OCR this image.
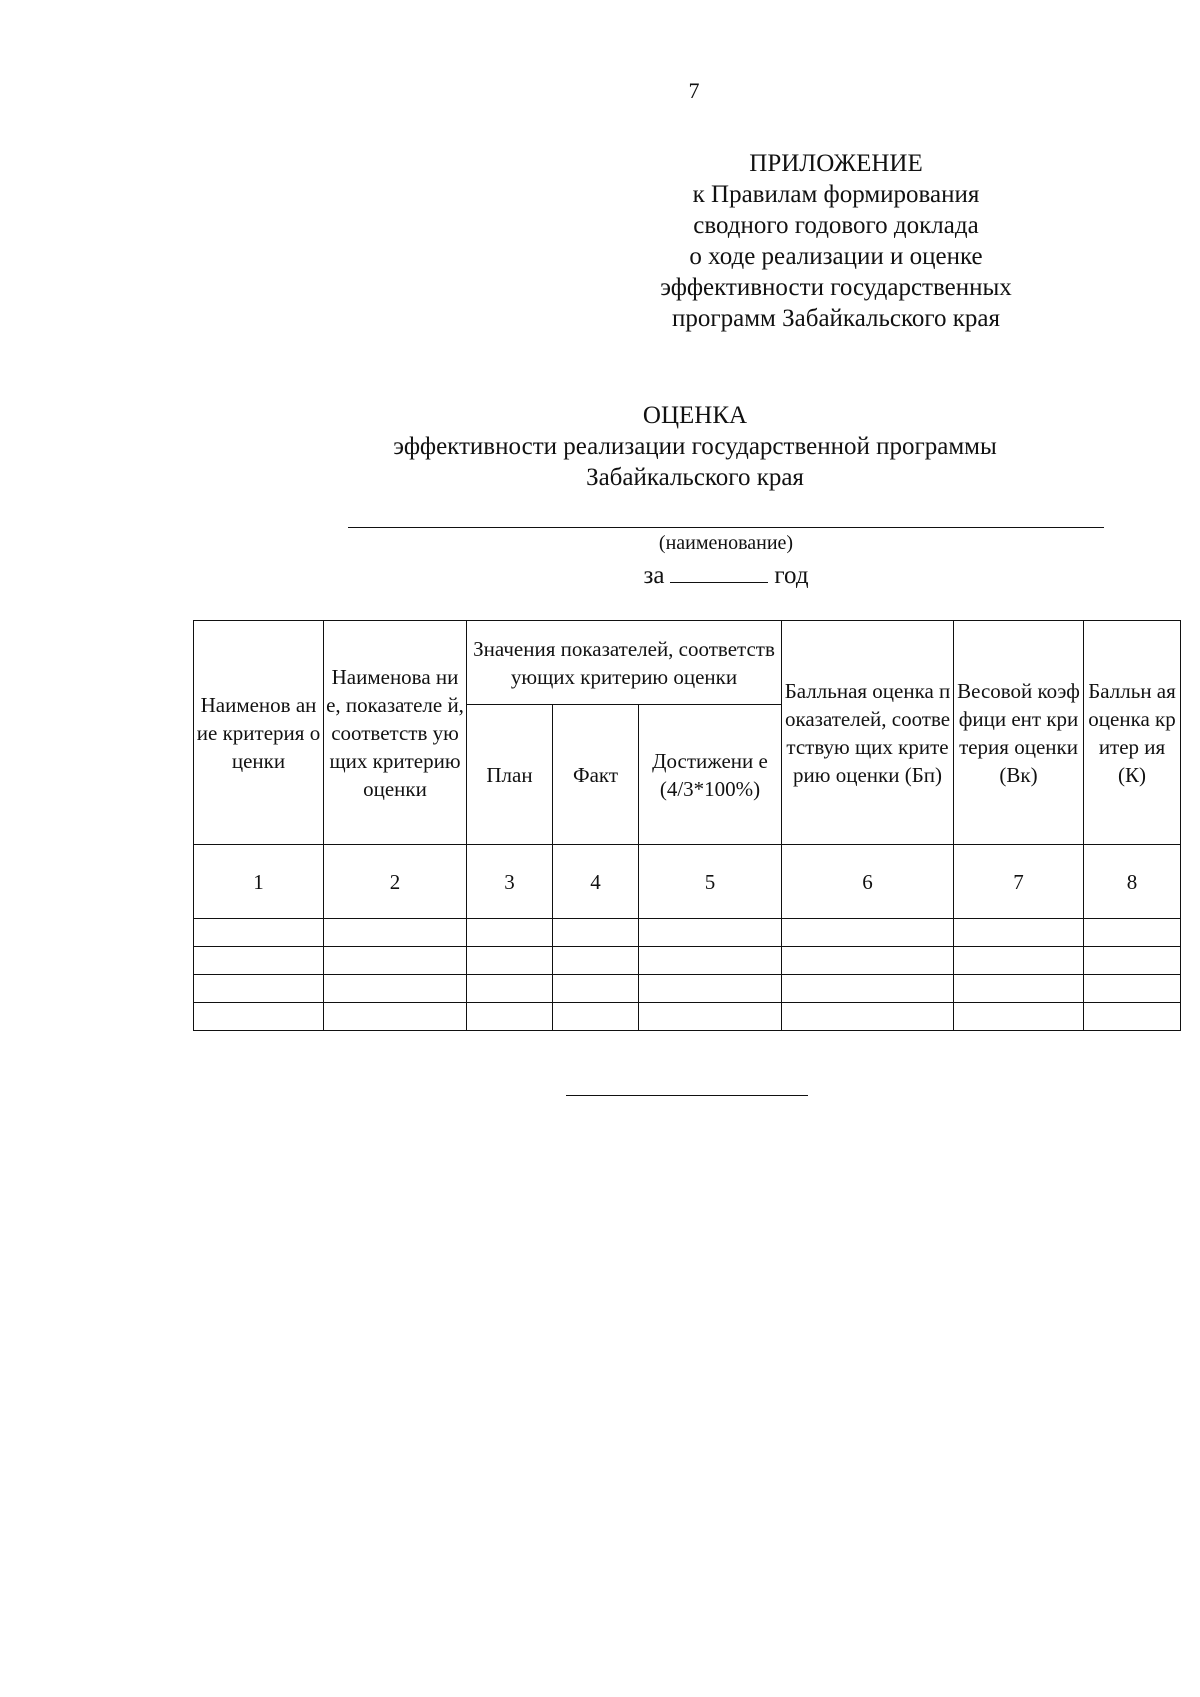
7
ПРИЛОЖЕНИЕ
к Правилам формирования
сводного годового доклада
о ходе реализации и оценке
эффективности государственных
программ Забайкальского края
ОЦЕНКА
эффективности реализации государственной программы
Забайкальского края
(наименование)
за	год
Наименов ание критерия оценки	Наименова ние, показателе й, соответств ующих критерию оценки	Значения показателей, соответствующих критерию оценки			Балльная оценка показателей, соответствую щих критерию оценки (Бп)	Весовой коэффици ент критерия оценки (Вк)	Балльн ая оценка критер ия (К)
		План	Факт	Достижени е
(4/3*100%)			
1	2	3	4	5	6	7	8
